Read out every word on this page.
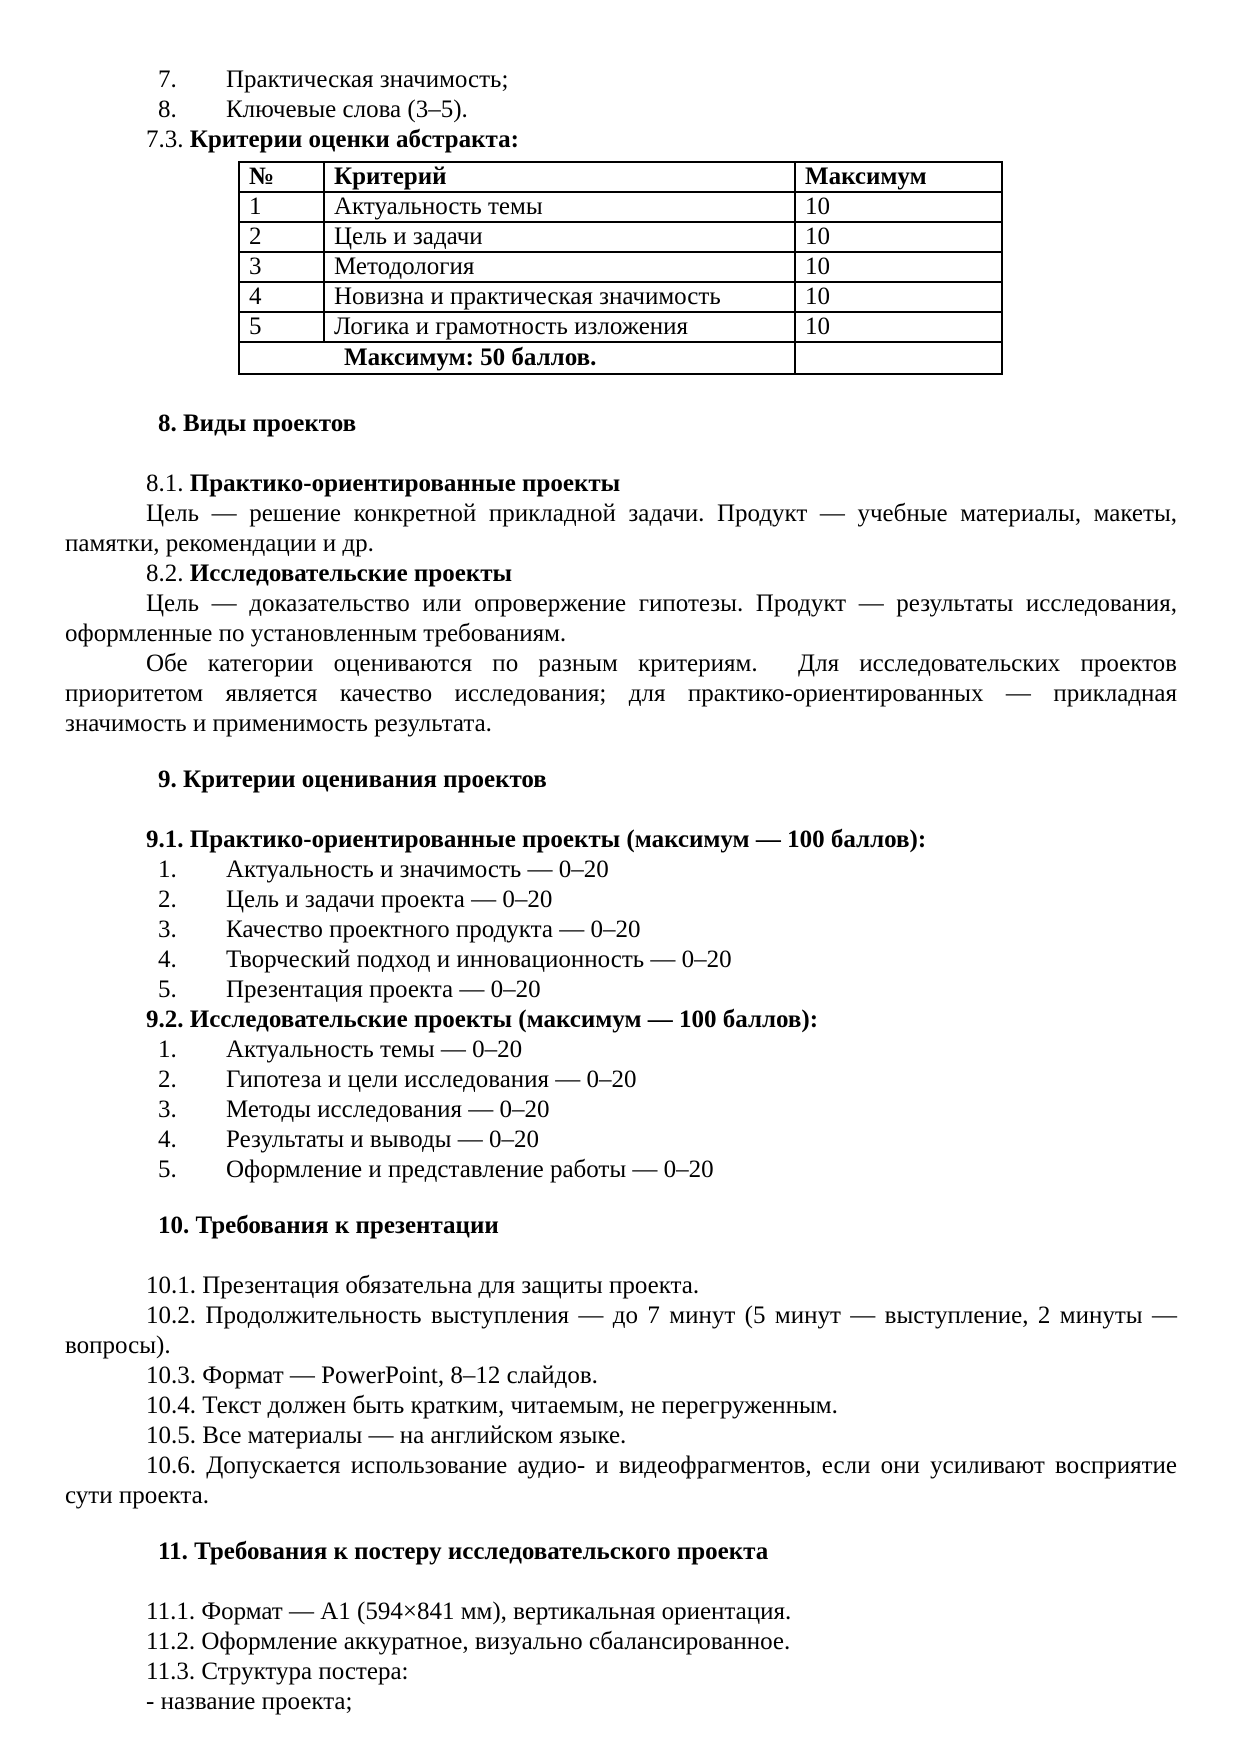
7. Практическая значимость;
8. Ключевые слова (3–5).
7.3. Критерии оценки абстракта:
№	Критерий	Максимум
1	Актуальность темы	10
2	Цель и задачи	10
3	Методология	10
4	Новизна и практическая значимость	10
5	Логика и грамотность изложения	10
Максимум: 50 баллов.		
8. Виды проектов
8.1. Практико-ориентированные проекты
Цель — решение конкретной прикладной задачи. Продукт — учебные материалы, макеты,
памятки, рекомендации и др.
8.2. Исследовательские проекты
Цель — доказательство или опровержение гипотезы. Продукт — результаты исследования,
оформленные по установленным требованиям.
Обе категории оцениваются по разным критериям.  Для исследовательских проектов
приоритетом является качество исследования; для практико-ориентированных — прикладная
значимость и применимость результата.
9. Критерии оценивания проектов
9.1. Практико-ориентированные проекты (максимум — 100 баллов):
1. Актуальность и значимость — 0–20
2. Цель и задачи проекта — 0–20
3. Качество проектного продукта — 0–20
4. Творческий подход и инновационность — 0–20
5. Презентация проекта — 0–20
9.2. Исследовательские проекты (максимум — 100 баллов):
1. Актуальность темы — 0–20
2. Гипотеза и цели исследования — 0–20
3. Методы исследования — 0–20
4. Результаты и выводы — 0–20
5. Оформление и представление работы — 0–20
10. Требования к презентации
10.1. Презентация обязательна для защиты проекта.
10.2. Продолжительность выступления — до 7 минут (5 минут — выступление, 2 минуты —
вопросы).
10.3. Формат — PowerPoint, 8–12 слайдов.
10.4. Текст должен быть кратким, читаемым, не перегруженным.
10.5. Все материалы — на английском языке.
10.6. Допускается использование аудио- и видеофрагментов, если они усиливают восприятие
сути проекта.
11. Требования к постеру исследовательского проекта
11.1. Формат — А1 (594×841 мм), вертикальная ориентация.
11.2. Оформление аккуратное, визуально сбалансированное.
11.3. Структура постера:
- название проекта;
